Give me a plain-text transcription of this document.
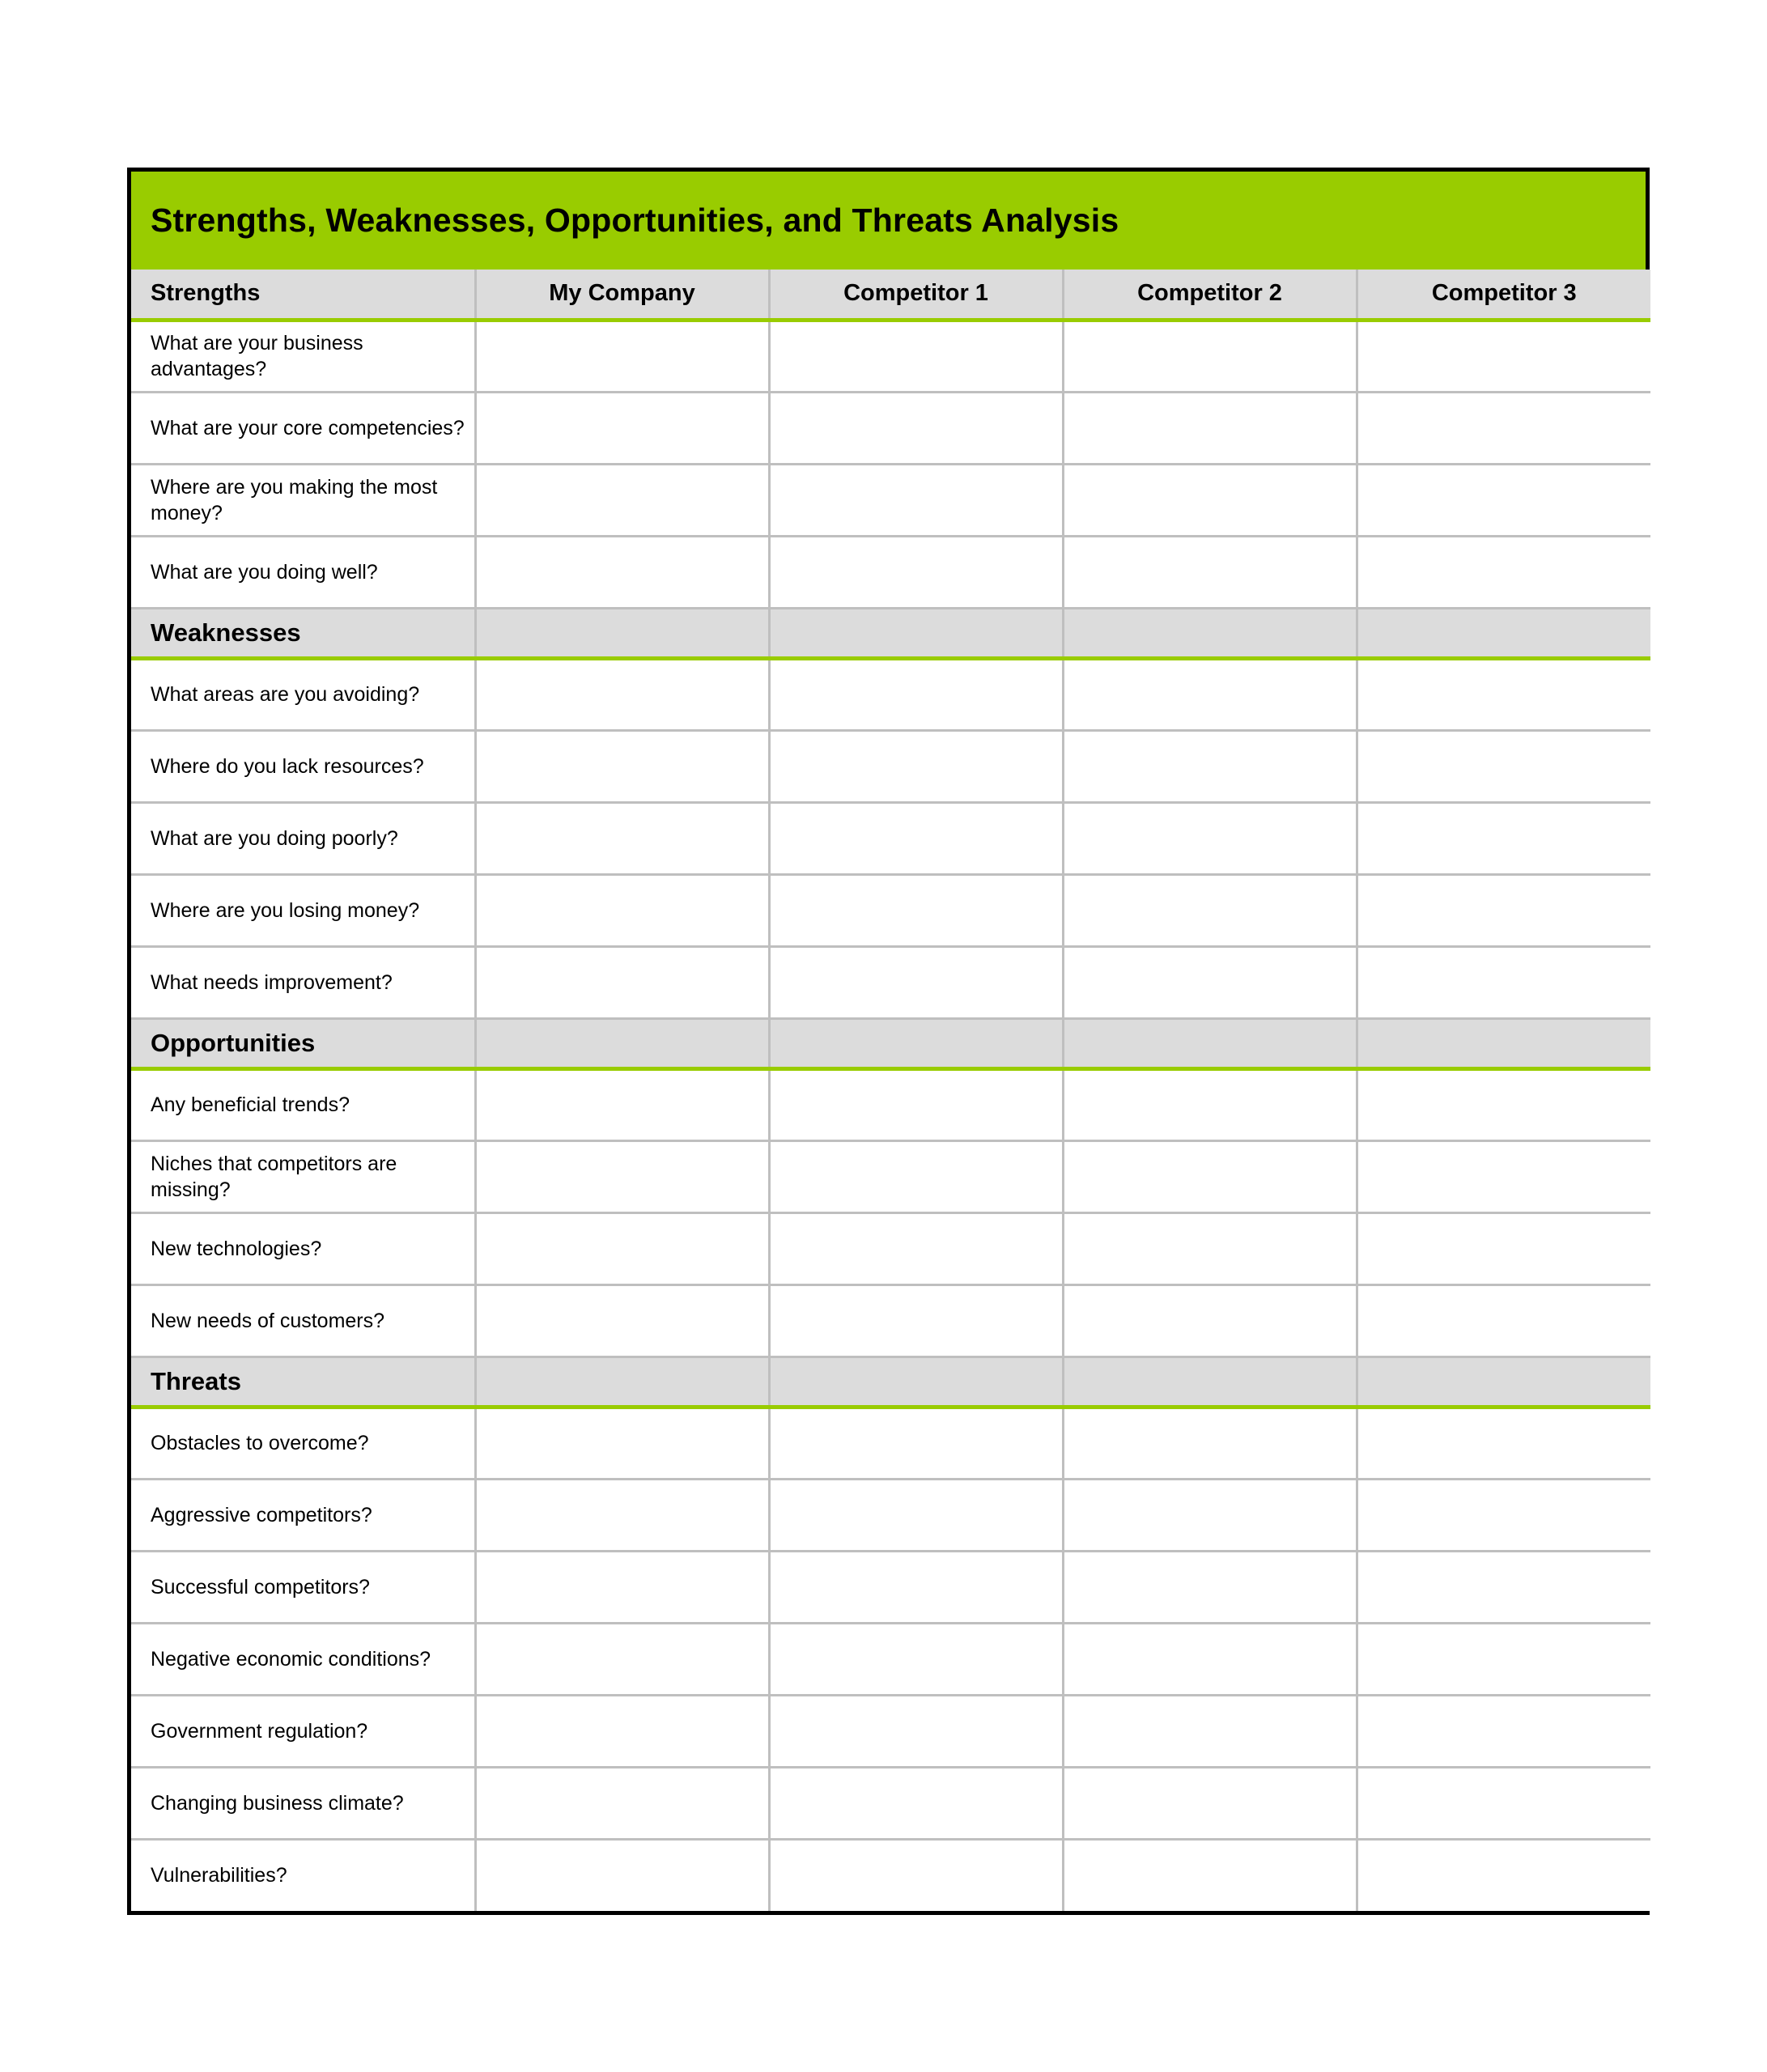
Strengths, Weaknesses, Opportunities, and Threats Analysis
Strengths	My Company	Competitor 1	Competitor 2	Competitor 3
What are your business advantages?				
What are your core competencies?				
Where are you making the most money?				
What are you doing well?				
Weaknesses				
What areas are you avoiding?				
Where do you lack resources?				
What are you doing poorly?				
Where are you losing money?				
What needs improvement?				
Opportunities				
Any beneficial trends?				
Niches that competitors are missing?				
New technologies?				
New needs of customers?				
Threats				
Obstacles to overcome?				
Aggressive competitors?				
Successful competitors?				
Negative economic conditions?				
Government regulation?				
Changing business climate?				
Vulnerabilities?				
